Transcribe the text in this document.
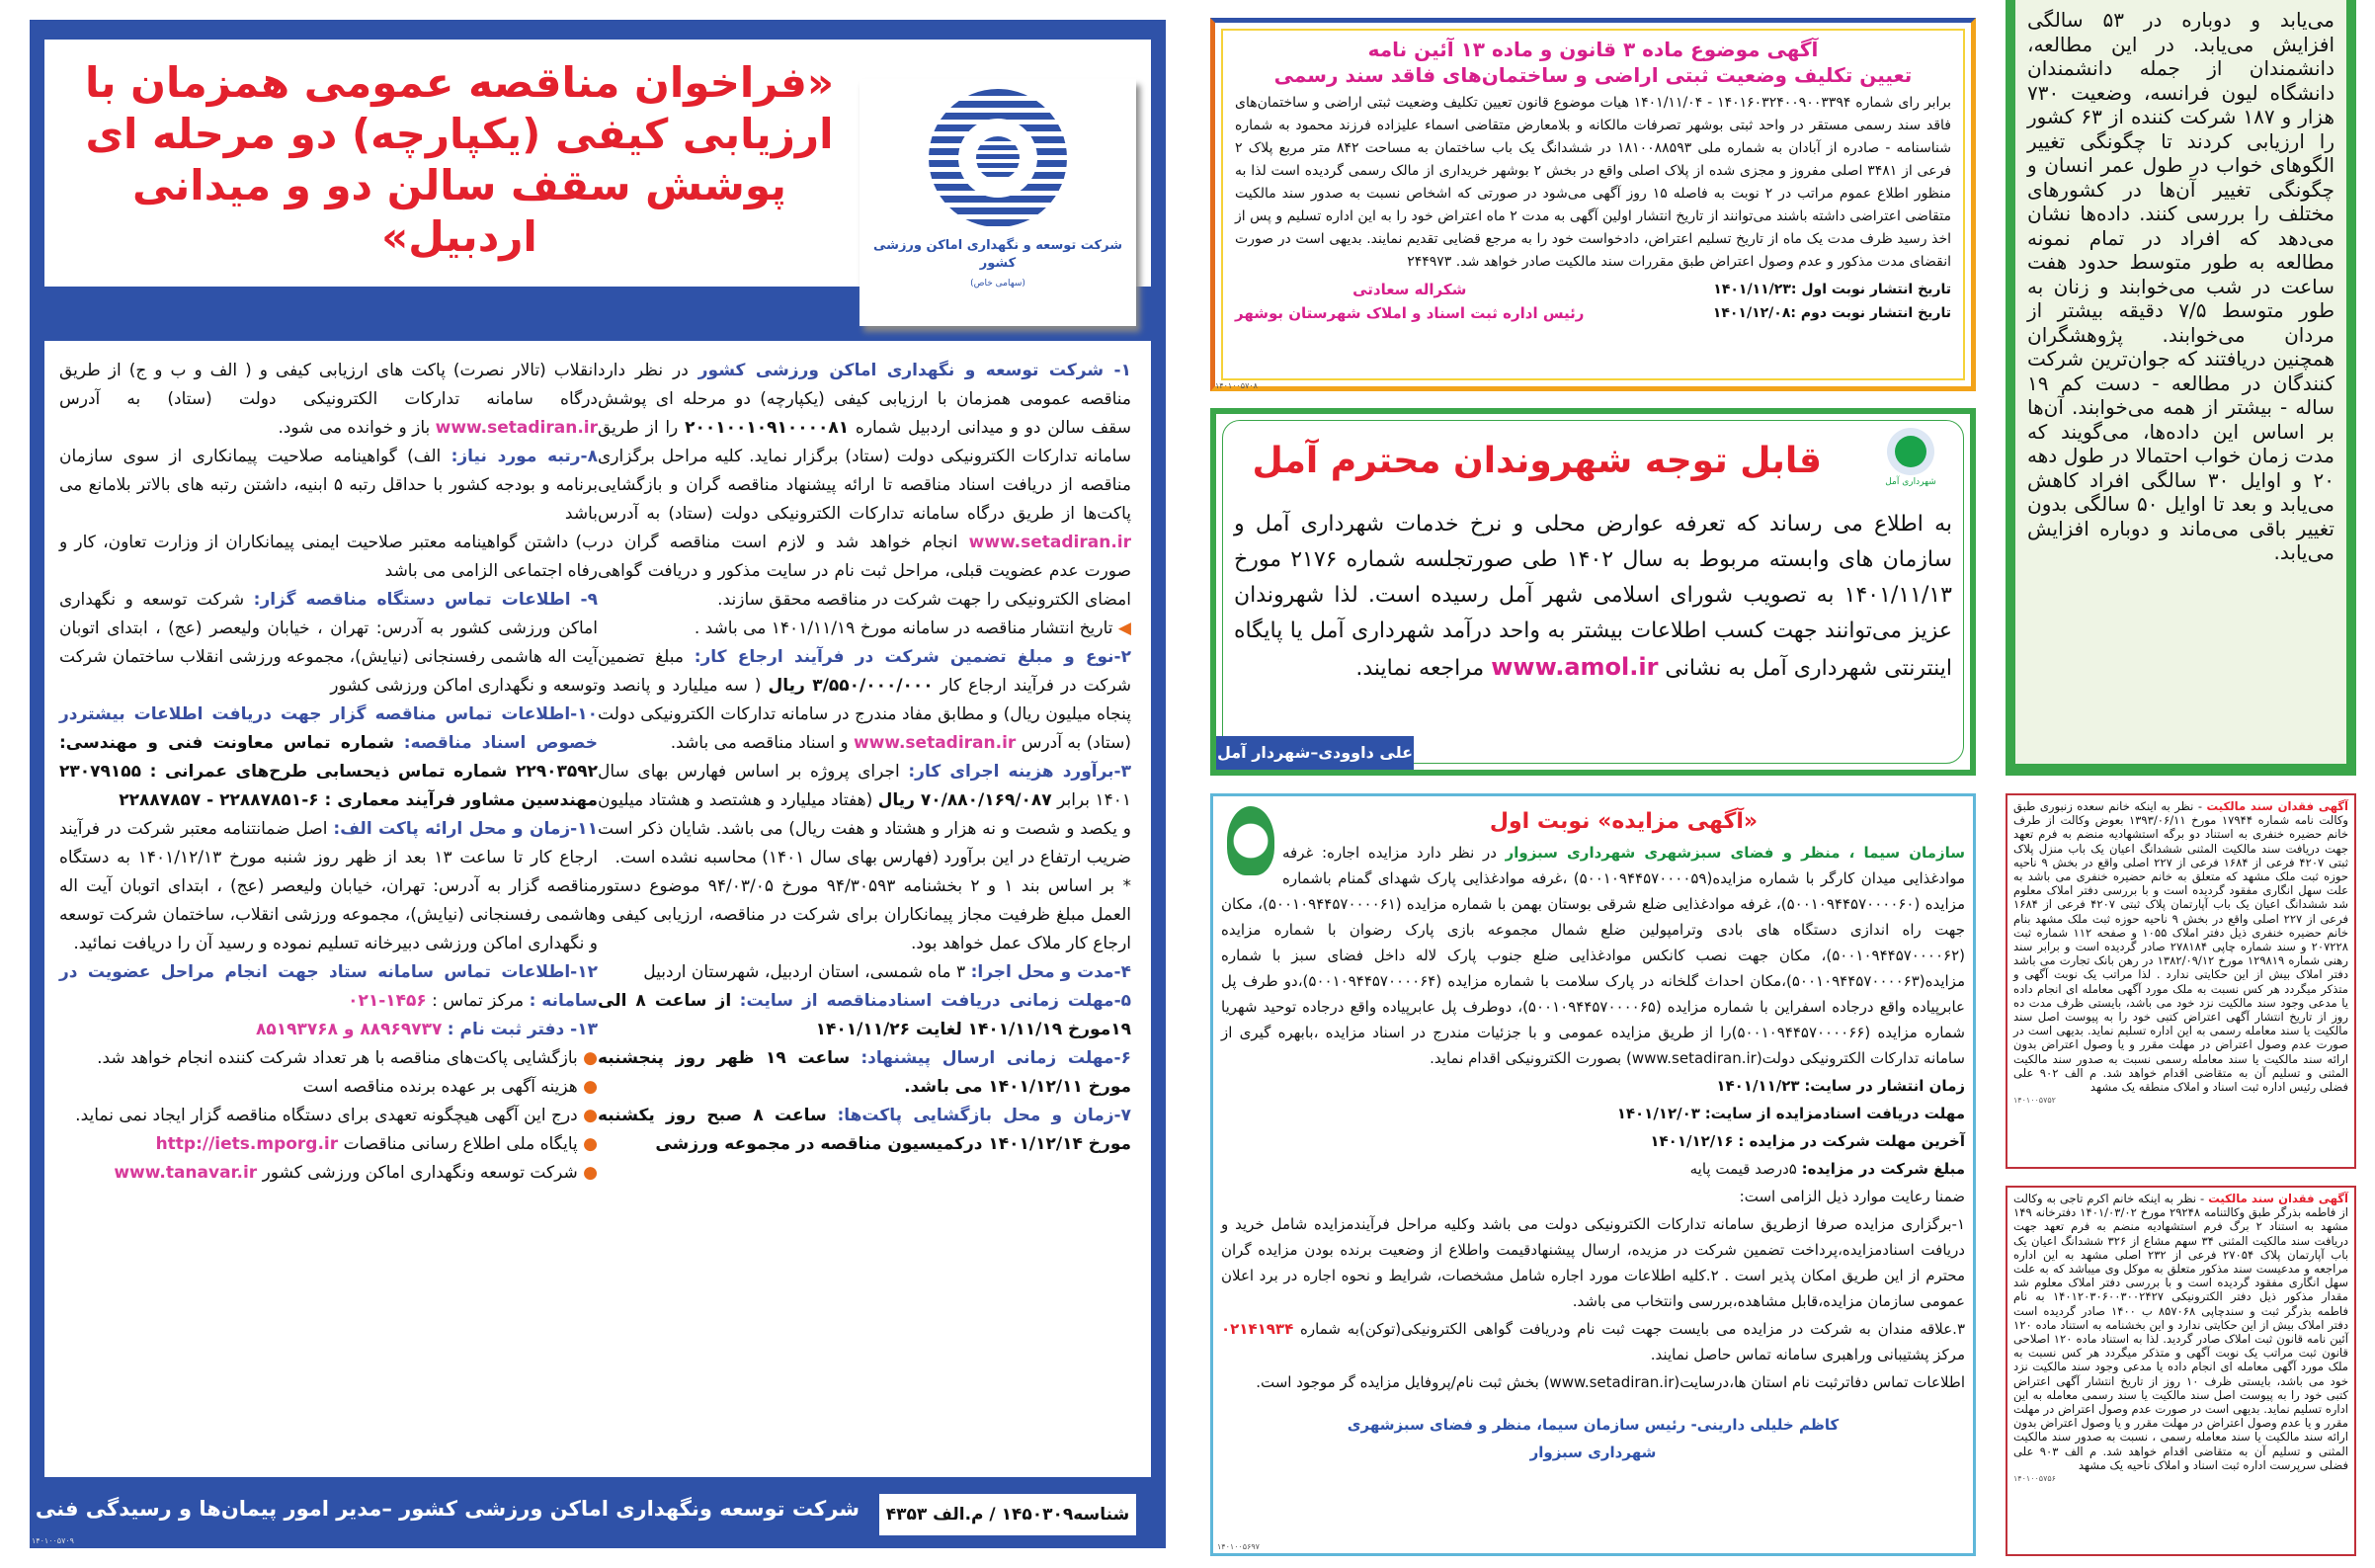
«فراخوان مناقصه عمومی همزمان با ارزیابی کیفی (یکپارچه) دو مرحله ای پوشش سقف سالن دو و میدانی اردبیل»	شرکت توسعه و نگهداری اماکن ورزشی کشور
(سهامی خاص)

۱- شرکت توسعه و نگهداری اماکن ورزشی کشور در نظر دارد مناقصه عمومی همزمان با ارزیابی کیفی (یکپارچه) دو مرحله ای پوشش سقف سالن دو و میدانی اردبیل شماره ۲۰۰۱۰۰۱۰۹۱۰۰۰۰۸۱ را از طریق سامانه تدارکات الکترونیکی دولت (ستاد) برگزار نماید. کلیه مراحل برگزاری مناقصه از دریافت اسناد مناقصه تا ارائه پیشنهاد مناقصه گران و بازگشایی پاکت‌ها از طریق درگاه سامانه تدارکات الکترونیکی دولت (ستاد) به آدرس www.setadiran.ir انجام خواهد شد و لازم است مناقصه گران در صورت عدم عضویت قبلی، مراحل ثبت نام در سایت مذکور و دریافت گواهی امضای الکترونیکی را جهت شرکت در مناقصه محقق سازند.

◀ تاریخ انتشار مناقصه در سامانه مورخ ۱۴۰۱/۱۱/۱۹ می باشد .

۲-نوع و مبلغ تضمین شرکت در فرآیند ارجاع کار: مبلغ تضمین شرکت در فرآیند ارجاع کار ۳/۵۵۰/۰۰۰/۰۰۰ ریال ( سه میلیارد و پانصد و پنجاه میلیون ریال) و مطابق مفاد مندرج در سامانه تدارکات الکترونیکی دولت (ستاد) به آدرس www.setadiran.ir و اسناد مناقصه می باشد.

۳-برآورد هزینه اجرای کار: اجرای پروژه بر اساس فهارس بهای سال ۱۴۰۱ برابر ۷۰/۸۸۰/۱۶۹/۰۸۷ ریال (هفتاد میلیارد و هشتصد و هشتاد میلیون و یکصد و شصت و نه هزار و هشتاد و هفت ریال) می باشد. شایان ذکر است ضریب ارتفاع در این برآورد (فهارس بهای سال ۱۴۰۱) محاسبه نشده است.

* بر اساس بند ۱ و ۲ بخشنامه ۹۴/۳۰۵۹۳ مورخ ۹۴/۰۳/۰۵ موضوع دستور العمل مبلغ ظرفیت مجاز پیمانکاران برای شرکت در مناقصه، ارزیابی کیفی و ارجاع کار ملاک عمل خواهد بود.

۴-مدت و محل اجرا: ۳ ماه شمسی، استان اردبیل، شهرستان اردبیل

۵-مهلت زمانی دریافت اسنادمناقصه از سایت: از ساعت ۸ الی ۱۹مورخ ۱۴۰۱/۱۱/۱۹ لغایت ۱۴۰۱/۱۱/۲۶

۶-مهلت زمانی ارسال پیشنهاد: ساعت ۱۹ ظهر روز پنجشنبه مورخ ۱۴۰۱/۱۲/۱۱ می باشد.

۷-زمان و محل بازگشایی پاکت‌ها: ساعت ۸ صبح روز یکشنبه مورخ ۱۴۰۱/۱۲/۱۴ درکمیسیون مناقصه در مجموعه ورزشی

انقلاب (تالار نصرت) پاکت های ارزیابی کیفی و ( الف و ب و ج) از طریق درگاه سامانه تدارکات الکترونیکی دولت (ستاد) به آدرس www.setadiran.ir باز و خوانده می شود.

۸-رتبه مورد نیاز: الف) گواهینامه صلاحیت پیمانکاری از سوی سازمان برنامه و بودجه کشور با حداقل رتبه ۵ ابنیه، داشتن رتبه های بالاتر بلامانع می باشد

ب) داشتن گواهینامه معتبر صلاحیت ایمنی پیمانکاران از وزارت تعاون، کار و رفاه اجتماعی الزامی می باشد

۹- اطلاعات تماس دستگاه مناقصه گزار: شرکت توسعه و نگهداری اماکن ورزشی کشور به آدرس: تهران ، خیابان ولیعصر (عج) ، ابتدای اتوبان آیت اله هاشمی رفسنجانی (نیایش)، مجموعه ورزشی انقلاب ساختمان شرکت توسعه و نگهداری اماکن ورزشی کشور

۱۰-اطلاعات تماس مناقصه گزار جهت دریافت اطلاعات بیشتردر خصوص اسناد مناقصه: شماره تماس معاونت فنی و مهندسی: ۲۲۹۰۳۵۹۲ شماره تماس ذیحسابی طرح‌های عمرانی : ۲۳۰۷۹۱۵۵ مهندسین مشاور فرآیند معماری : ۶-۲۲۸۸۷۸۵۱ - ۲۲۸۸۷۸۵۷

۱۱-زمان و محل ارائه پاکت الف: اصل ضمانتنامه معتبر شرکت در فرآیند ارجاع کار تا ساعت ۱۳ بعد از ظهر روز شنبه مورخ ۱۴۰۱/۱۲/۱۳ به دستگاه مناقصه گزار به آدرس: تهران، خیابان ولیعصر (عج) ، ابتدای اتوبان آیت اله هاشمی رفسنجانی (نیایش)، مجموعه ورزشی انقلاب، ساختمان شرکت توسعه و نگهداری اماکن ورزشی دبیرخانه تسلیم نموده و رسید آن را دریافت نمائید.

۱۲-اطلاعات تماس سامانه ستاد جهت انجام مراحل عضویت در سامانه : مرکز تماس : ۰۲۱-۱۴۵۶

۱۳- دفتر ثبت نام : ۸۸۹۶۹۷۳۷ و ۸۵۱۹۳۷۶۸

● بازگشایی پاکت‌های مناقصه با هر تعداد شرکت کننده انجام خواهد شد.

● هزینه آگهی بر عهده برنده مناقصه است

● درج این آگهی هیچگونه تعهدی برای دستگاه مناقصه گزار ایجاد نمی نماید.

● پایگاه ملی اطلاع رسانی مناقصات http://iets.mporg.ir

● شرکت توسعه ونگهداری اماکن ورزشی کشور www.tanavar.ir

شرکت توسعه ونگهداری اماکن ورزشی کشور –مدیر امور پیمان‌ها و رسیدگی فنی	شناسه۱۴۵۰۳۰۹ / م.الف ۴۳۵۳
۱۴۰۱۰۰۵۷۰۹
آگهی موضوع ماده ۳ قانون و ماده ۱۳ آئین نامه
تعیین تکلیف وضعیت ثبتی اراضی و ساختمان‌های فاقد سند رسمی
برابر رای شماره ۱۴۰۱۶۰۳۲۴۰۰۹۰۰۳۳۹۴ - ۱۴۰۱/۱۱/۰۴ هیات موضوع قانون تعیین تکلیف وضعیت ثبتی اراضی و ساختمان‌های فاقد سند رسمی مستقر در واحد ثبتی بوشهر تصرفات مالکانه و بلامعارض متقاضی اسماء علیزاده فرزند محمود به شماره شناسنامه - صادره از آبادان به شماره ملی ۱۸۱۰۰۸۸۵۹۳ در ششدانگ یک باب ساختمان به مساحت ۸۴۲ متر مربع پلاک ۲ فرعی از ۳۴۸۱ اصلی مفروز و مجزی شده از پلاک اصلی واقع در بخش ۲ بوشهر خریداری از مالک رسمی گردیده است لذا به منظور اطلاع عموم مراتب در ۲ نوبت به فاصله ۱۵ روز آگهی می‌شود در صورتی که اشخاص نسبت به صدور سند مالکیت متقاضی اعتراضی داشته باشند می‌توانند از تاریخ انتشار اولین آگهی به مدت ۲ ماه اعتراض خود را به این اداره تسلیم و پس از اخذ رسید ظرف مدت یک ماه از تاریخ تسلیم اعتراض، دادخواست خود را به مرجع قضایی تقدیم نمایند. بدیهی است در صورت انقضای مدت مذکور و عدم وصول اعتراض طبق مقررات سند مالکیت صادر خواهد شد. ۲۴۴۹۷۳
تاریخ انتشار نوبت اول :۱۴۰۱/۱۱/۲۳
تاریخ انتشار نوبت دوم :۱۴۰۱/۱۲/۰۸
شکراله سعادتی
رئیس اداره ثبت اسناد و املاک شهرستان بوشهر
۱۴۰۱۰۰۵۷۰۸
شهرداری آمل
قابل توجه شهروندان محترم آمل
به اطلاع می رساند که تعرفه عوارض محلی و نرخ خدمات شهرداری آمل و سازمان های وابسته مربوط به سال ۱۴۰۲ طی صورتجلسه شماره ۲۱۷۶ مورخ ۱۴۰۱/۱۱/۱۳ به تصویب شورای اسلامی شهر آمل رسیده است. لذا شهروندان عزیز می‌توانند جهت کسب اطلاعات بیشتر به واحد درآمد شهرداری آمل یا پایگاه اینترنتی شهرداری آمل به نشانی www.amol.ir مراجعه نمایند.
علی داوودی–شهردار آمل
«آگهی مزایده» نوبت اول
سازمان سیما ، منظر و فضای سبزشهری شهرداری سبزوار در نظر دارد مزایده اجاره: غرفه موادغذایی میدان کارگر با شماره مزایده(۵۰۰۱۰۹۴۴۵۷۰۰۰۰۵۹) ،غرفه موادغذایی پارک شهدای گمنام باشماره مزایده (۵۰۰۱۰۹۴۴۵۷۰۰۰۰۶۰)، غرفه موادغذایی ضلع شرقی بوستان بهمن با شماره مزایده (۵۰۰۱۰۹۴۴۵۷۰۰۰۰۶۱)، مکان جهت راه اندازی دستگاه های بادی وترامپولین ضلع شمال مجموعه بازی پارک رضوان با شماره مزایده (۵۰۰۱۰۹۴۴۵۷۰۰۰۰۶۲)، مکان جهت نصب کانکس موادغذایی ضلع جنوب پارک لاله داخل فضای سبز با شماره مزایده(۵۰۰۱۰۹۴۴۵۷۰۰۰۰۶۳)،مکان احداث گلخانه در پارک سلامت با شماره مزایده (۵۰۰۱۰۹۴۴۵۷۰۰۰۰۶۴)،دو طرف پل عابرپیاده واقع درجاده اسفراین با شماره مزایده (۵۰۰۱۰۹۴۴۵۷۰۰۰۰۶۵)، دوطرف پل عابرپیاده واقع درجاده توحید شهریا شماره مزایده (۵۰۰۱۰۹۴۴۵۷۰۰۰۰۶۶)را از طریق مزایده عمومی و با جزئیات مندرج در اسناد مزایده ،بابهره گیری از سامانه تدارکات الکترونیکی دولت(www.setadiran.ir) بصورت الکترونیکی اقدام نماید.
زمان انتشار در سایت: ۱۴۰۱/۱۱/۲۳
مهلت دریافت اسنادمزایده از سایت: ۱۴۰۱/۱۲/۰۳
آخرین مهلت شرکت در مزایده : ۱۴۰۱/۱۲/۱۶
مبلغ شرکت در مزایده: ۵درصد قیمت پایه
ضمنا رعایت موارد ذیل الزامی است:
۱-برگزاری مزایده صرفا ازطریق سامانه تدارکات الکترونیکی دولت می باشد وکلیه مراحل فرآیندمزایده شامل خرید و دریافت اسنادمزایده،پرداخت تضمین شرکت در مزیده، ارسال پیشنهادقیمت واطلاع از وضعیت برنده بودن مزایده گران محترم از این طریق امکان پذیر است . ۲.کلیه اطلاعات مورد اجاره شامل مشخصات، شرایط و نحوه اجاره در برد اعلان عمومی سازمان مزایده،قابل مشاهده،بررسی وانتخاب می باشد.
۳.علاقه مندان به شرکت در مزایده می بایست جهت ثبت نام ودریافت گواهی الکترونیکی(توکن)به شماره ۰۲۱۴۱۹۳۴ مرکز پشتیبانی وراهبری سامانه تماس حاصل نمایند.
اطلاعات تماس دفاترثبت نام استان ها،درسایت(www.setadiran.ir) بخش ثبت نام/پروفایل مزایده گر موجود است.
کاظم خلیلی دارینی- رئیس سازمان سیما، منظر و فضای سبزشهری
شهرداری سبزوار
۱۴۰۱۰۰۵۶۹۷
می‌یابد و دوباره در ۵۳ سالگی افزایش می‌یابد. در این مطالعه، دانشمندان از جمله دانشمندان دانشگاه لیون فرانسه، وضعیت ۷۳۰ هزار و ۱۸۷ شرکت کننده از ۶۳ کشور را ارزیابی کردند تا چگونگی تغییر الگوهای خواب در طول عمر انسان و چگونگی تغییر آن‌ها در کشورهای مختلف را بررسی کنند. داده‌ها نشان می‌دهد که افراد در تمام نمونه مطالعه به طور متوسط حدود هفت ساعت در شب می‌خوابند و زنان به طور متوسط ۷/۵ دقیقه بیشتر از مردان می‌خوابند. پژوهشگران همچنین دریافتند که جوان‌ترین شرکت کنندگان در مطالعه - دست کم ۱۹ ساله - بیشتر از همه می‌خوابند. آن‌ها بر اساس این داده‌ها، می‌گویند که مدت زمان خواب احتمالا در طول دهه ۲۰ و اوایل ۳۰ سالگی افراد کاهش می‌یابد و بعد تا اوایل ۵۰ سالگی بدون تغییر باقی می‌ماند و دوباره افزایش می‌یابد.
آگهی فقدان سند مالکیت - نظر به اینکه خانم سعده زنبوری طبق وکالت نامه شماره ۱۷۹۴۴ مورخ ۱۳۹۳/۰۶/۱۱ بعوض وکالت از طرف خانم حضیره خنفری به استناد دو برگه استشهادیه منضم به فرم تعهد جهت دریافت سند مالکیت المثنی ششدانگ اعیان یک باب منزل پلاک ثبتی ۴۲۰۷ فرعی از ۱۶۸۴ فرعی از ۲۲۷ اصلی واقع در بخش ۹ ناحیه حوزه ثبت ملک مشهد که متعلق به خانم حضیره خنفری می باشد به علت سهل انگاری مفقود گردیده است و با بررسی دفتر املاک معلوم شد ششدانگ اعیان یک باب آپارتمان پلاک ثبتی ۴۲۰۷ فرعی از ۱۶۸۴ فرعی از ۲۲۷ اصلی واقع در بخش ۹ ناحیه حوزه ثبت ملک مشهد بنام خانم حضیره خنفری ذیل دفتر املاک ۱۰۵۵ و صفحه ۱۱۲ شماره ثبت ۲۰۷۲۲۸ و سند شماره چاپی ۲۷۸۱۸۴ صادر گردیده است و برابر سند رهنی شماره ۱۲۹۸۱۹ مورخ ۱۳۸۲/۰۹/۱۲ در رهن بانک تجارت می باشد دفتر املاک بیش از این حکایتی ندارد . لذا مراتب یک نوبت آگهی و متذکر میگردد هر کس نسبت به ملک مورد آگهی معامله ای انجام داده یا مدعی وجود سند مالکیت نزد خود می باشد، بایستی ظرف مدت ده روز از تاریخ انتشار آگهی اعتراض کتبی خود را به پیوست اصل سند مالکیت یا سند معامله رسمی به این اداره تسلیم نماید. بدیهی است در صورت عدم وصول اعتراض در مهلت مقرر و یا وصول اعتراض بدون ارائه سند مالکیت یا سند معامله رسمی نسبت به صدور سند مالکیت المثنی و تسلیم آن به متقاضی اقدام خواهد شد. م الف ۹۰۲ علی فضلی رئیس اداره ثبت اسناد و املاک منطقه یک مشهد
۱۴۰۱۰۰۵۷۵۲
آگهی فقدان سند مالکیت - نظر به اینکه خانم اکرم تاجی به وکالت از فاطمه بذرگر طبق وکالتنامه ۲۹۲۴۸ مورخ ۱۴۰۱/۰۳/۰۲ دفترخانه ۱۴۹ مشهد به استناد ۲ برگ فرم استشهادیه منضم به فرم تعهد جهت دریافت سند مالکیت المثنی ۳۴ سهم مشاع از ۳۲۶ ششدانگ اعیان یک باب آپارتمان پلاک ۲۷۰۵۴ فرعی از ۲۳۲ اصلی مشهد به این اداره مراجعه و مدعیست سند مذکور متعلق به موکل وی میباشد که به علت سهل انگاری مفقود گردیده است و با بررسی دفتر املاک معلوم شد مقدار مذکور ذیل دفتر الکترونیکی ۱۴۰۱۲۰۳۰۶۰۰۳۰۰۲۴۲۷ به نام فاطمه بذرگر ثبت و سندچاپی ۸۵۷۰۶۸ ب ۱۴۰۰ صادر گردیده است دفتر املاک بیش از این حکایتی ندارد و این بخشنامه به استناد ماده ۱۲۰ آئین نامه قانون ثبت املاک صادر گردید. لذا به استناد ماده ۱۲۰ اصلاحی قانون ثبت مراتب یک نوبت آگهی و متذکر میگردد هر کس نسبت به ملک مورد آگهی معامله ای انجام داده یا مدعی وجود سند مالکیت نزد خود می باشد، بایستی ظرف ۱۰ روز از تاریخ انتشار آگهی اعتراض کتبی خود را به پیوست اصل سند مالکیت یا سند رسمی معامله به این اداره تسلیم نماید. بدیهی است در صورت عدم وصول اعتراض در مهلت مقرر و یا عدم وصول اعتراض در مهلت مقرر و یا وصول اعتراض بدون ارائه سند مالکیت یا سند معامله رسمی ، نسبت به صدور سند مالکیت المثنی و تسلیم آن به متقاضی اقدام خواهد شد. م الف ۹۰۳ علی فضلی سرپرست اداره ثبت اسناد و املاک ناحیه یک مشهد
۱۴۰۱۰۰۵۷۵۶
